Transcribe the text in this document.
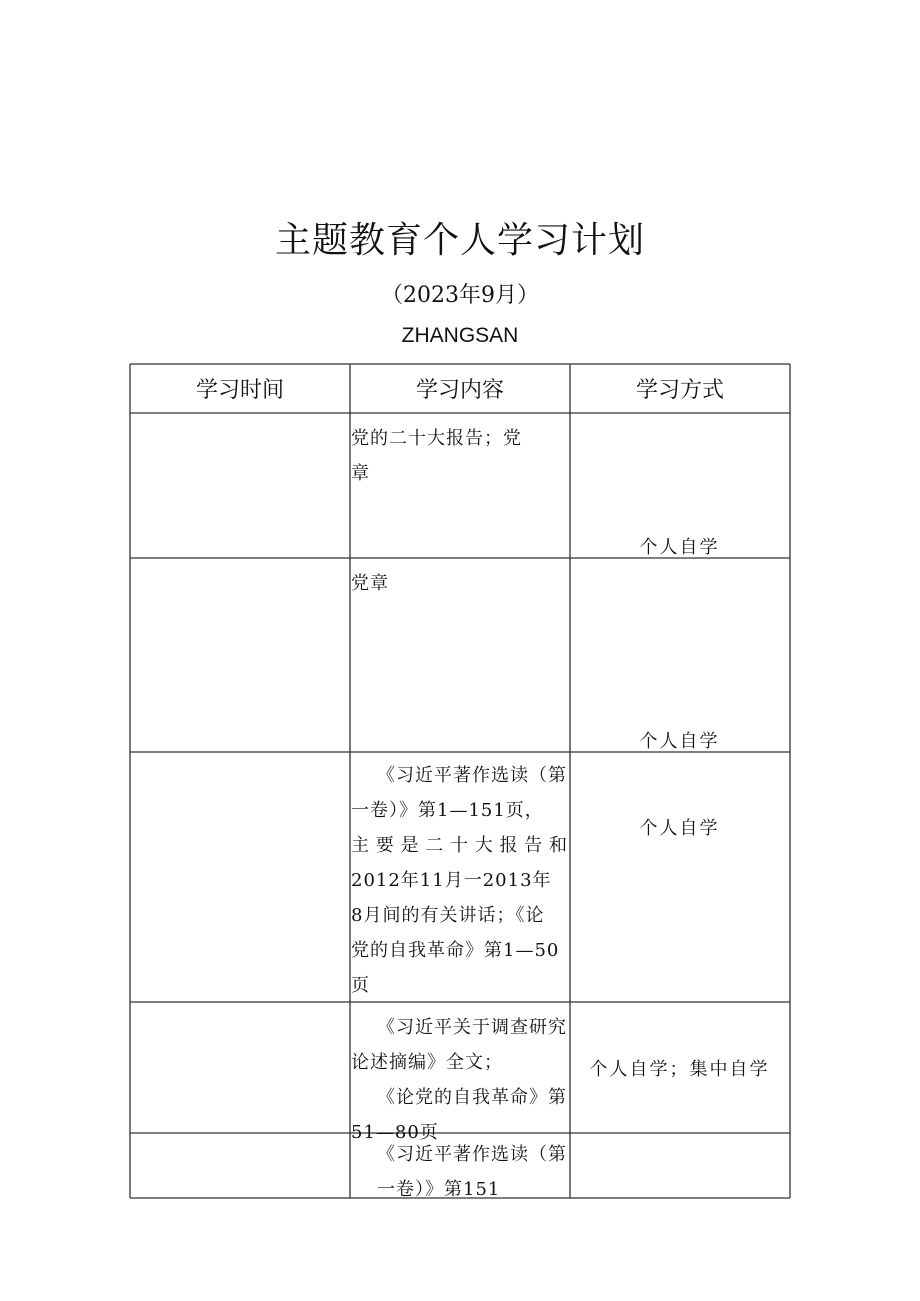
主题教育个人学习计划
（2023年9月）
ZHANGSAN
学习时间	学习内容	学习方式
党的二十大报告；党
章
个人自学
党章
个人自学
《习近平著作选读（第
一卷）》第1—151页，
主要是二十大报告和
2012年11月一2013年
8月间的有关讲话；《论
党的自我革命》第1—50
页
个人自学
《习近平关于调查研究
论述摘编》全文；
《论党的自我革命》第
51—80页
个人自学；集中自学
《习近平著作选读（第
一卷）》第151
